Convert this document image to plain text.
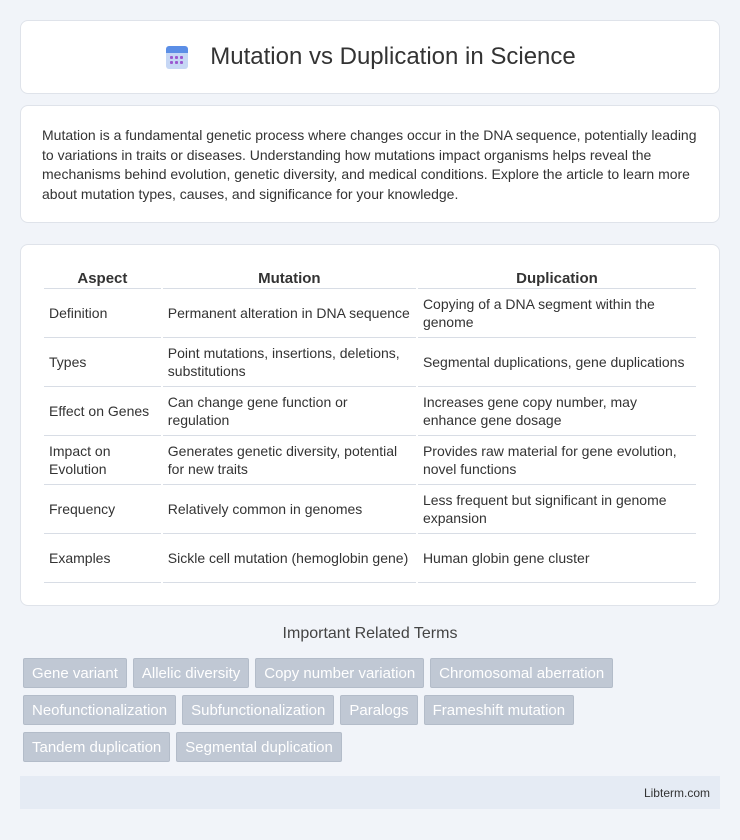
Mutation vs Duplication in Science

Mutation is a fundamental genetic process where changes occur in the DNA sequence, potentially leading to variations in traits or diseases. Understanding how mutations impact organisms helps reveal the mechanisms behind evolution, genetic diversity, and medical conditions. Explore the article to learn more about mutation types, causes, and significance for your knowledge.

Aspect	Mutation	Duplication
Definition	Permanent alteration in DNA sequence	Copying of a DNA segment within the genome
Types	Point mutations, insertions, deletions, substitutions	Segmental duplications, gene duplications
Effect on Genes	Can change gene function or regulation	Increases gene copy number, may enhance gene dosage
Impact on Evolution	Generates genetic diversity, potential for new traits	Provides raw material for gene evolution, novel functions
Frequency	Relatively common in genomes	Less frequent but significant in genome expansion
Examples	Sickle cell mutation (hemoglobin gene)	Human globin gene cluster
Important Related Terms
Gene variant	Allelic diversity	Copy number variation	Chromosomal aberration
Neofunctionalization	Subfunctionalization	Paralogs	Frameshift mutation
Tandem duplication	Segmental duplication
Libterm.com
